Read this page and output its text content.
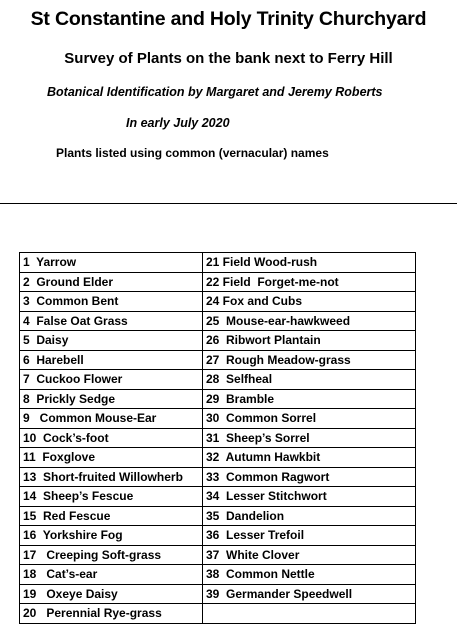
St Constantine and Holy Trinity Churchyard
Survey of Plants on the bank next to Ferry Hill
Botanical Identification by Margaret and Jeremy Roberts
In early July 2020
Plants listed using common (vernacular) names
1  Yarrow	21 Field Wood-rush
2  Ground Elder	22 Field  Forget-me-not
3  Common Bent	24 Fox and Cubs
4  False Oat Grass	25  Mouse-ear-hawkweed
5  Daisy	26  Ribwort Plantain
6  Harebell	27  Rough Meadow-grass
7  Cuckoo Flower	28  Selfheal
8  Prickly Sedge	29  Bramble
9   Common Mouse-Ear	30  Common Sorrel
10  Cock’s-foot	31  Sheep’s Sorrel
11  Foxglove	32  Autumn Hawkbit
13  Short-fruited Willowherb	33  Common Ragwort
14  Sheep’s Fescue	34  Lesser Stitchwort
15  Red Fescue	35  Dandelion
16  Yorkshire Fog	36  Lesser Trefoil
17   Creeping Soft-grass	37  White Clover
18   Cat’s-ear	38  Common Nettle
19   Oxeye Daisy	39  Germander Speedwell
20   Perennial Rye-grass	
